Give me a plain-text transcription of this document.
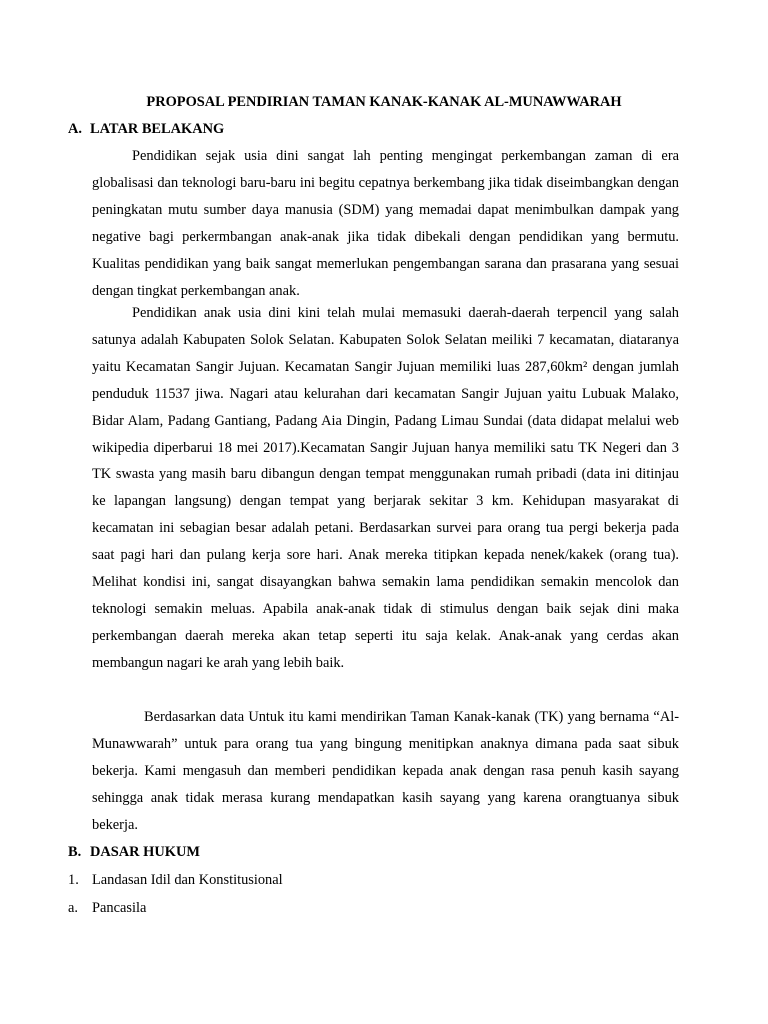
PROPOSAL PENDIRIAN TAMAN KANAK-KANAK AL-MUNAWWARAH
A. LATAR BELAKANG

Pendidikan sejak usia dini sangat lah penting mengingat perkembangan zaman di era globalisasi dan teknologi baru-baru ini begitu cepatnya berkembang jika tidak diseimbangkan dengan peningkatan mutu sumber daya manusia (SDM) yang memadai dapat menimbulkan dampak yang negative bagi perkermbangan anak-anak jika tidak dibekali dengan pendidikan yang bermutu. Kualitas pendidikan yang baik sangat memerlukan pengembangan sarana dan prasarana yang sesuai dengan tingkat perkembangan anak.

Pendidikan anak usia dini kini telah mulai memasuki daerah-daerah terpencil yang salah satunya adalah Kabupaten Solok Selatan. Kabupaten Solok Selatan meiliki 7 kecamatan, diataranya yaitu Kecamatan Sangir Jujuan. Kecamatan Sangir Jujuan memiliki luas 287,60km² dengan jumlah penduduk 11537 jiwa. Nagari atau kelurahan dari kecamatan Sangir Jujuan yaitu Lubuak Malako, Bidar Alam, Padang Gantiang, Padang Aia Dingin, Padang Limau Sundai (data didapat melalui web wikipedia diperbarui 18 mei 2017).Kecamatan Sangir Jujuan hanya memiliki satu TK Negeri dan 3 TK swasta yang masih baru dibangun dengan tempat menggunakan rumah pribadi (data ini ditinjau ke lapangan langsung) dengan tempat yang berjarak sekitar 3 km. Kehidupan masyarakat di kecamatan ini sebagian besar adalah petani. Berdasarkan survei para orang tua pergi bekerja pada saat pagi hari dan pulang kerja sore hari. Anak mereka titipkan kepada nenek/kakek (orang tua). Melihat kondisi ini, sangat disayangkan bahwa semakin lama pendidikan semakin mencolok dan teknologi semakin meluas. Apabila anak-anak tidak di stimulus dengan baik sejak dini maka perkembangan daerah mereka akan tetap seperti itu saja kelak. Anak-anak yang cerdas akan membangun nagari ke arah yang lebih baik.

Berdasarkan data Untuk itu kami mendirikan Taman Kanak-kanak (TK) yang bernama “Al-Munawwarah” untuk para orang tua yang bingung menitipkan anaknya dimana pada saat sibuk bekerja. Kami mengasuh dan memberi pendidikan kepada anak dengan rasa penuh kasih sayang sehingga anak tidak merasa kurang mendapatkan kasih sayang yang karena orangtuanya sibuk bekerja.

B. DASAR HUKUM
1. Landasan Idil dan Konstitusional
a. Pancasila
